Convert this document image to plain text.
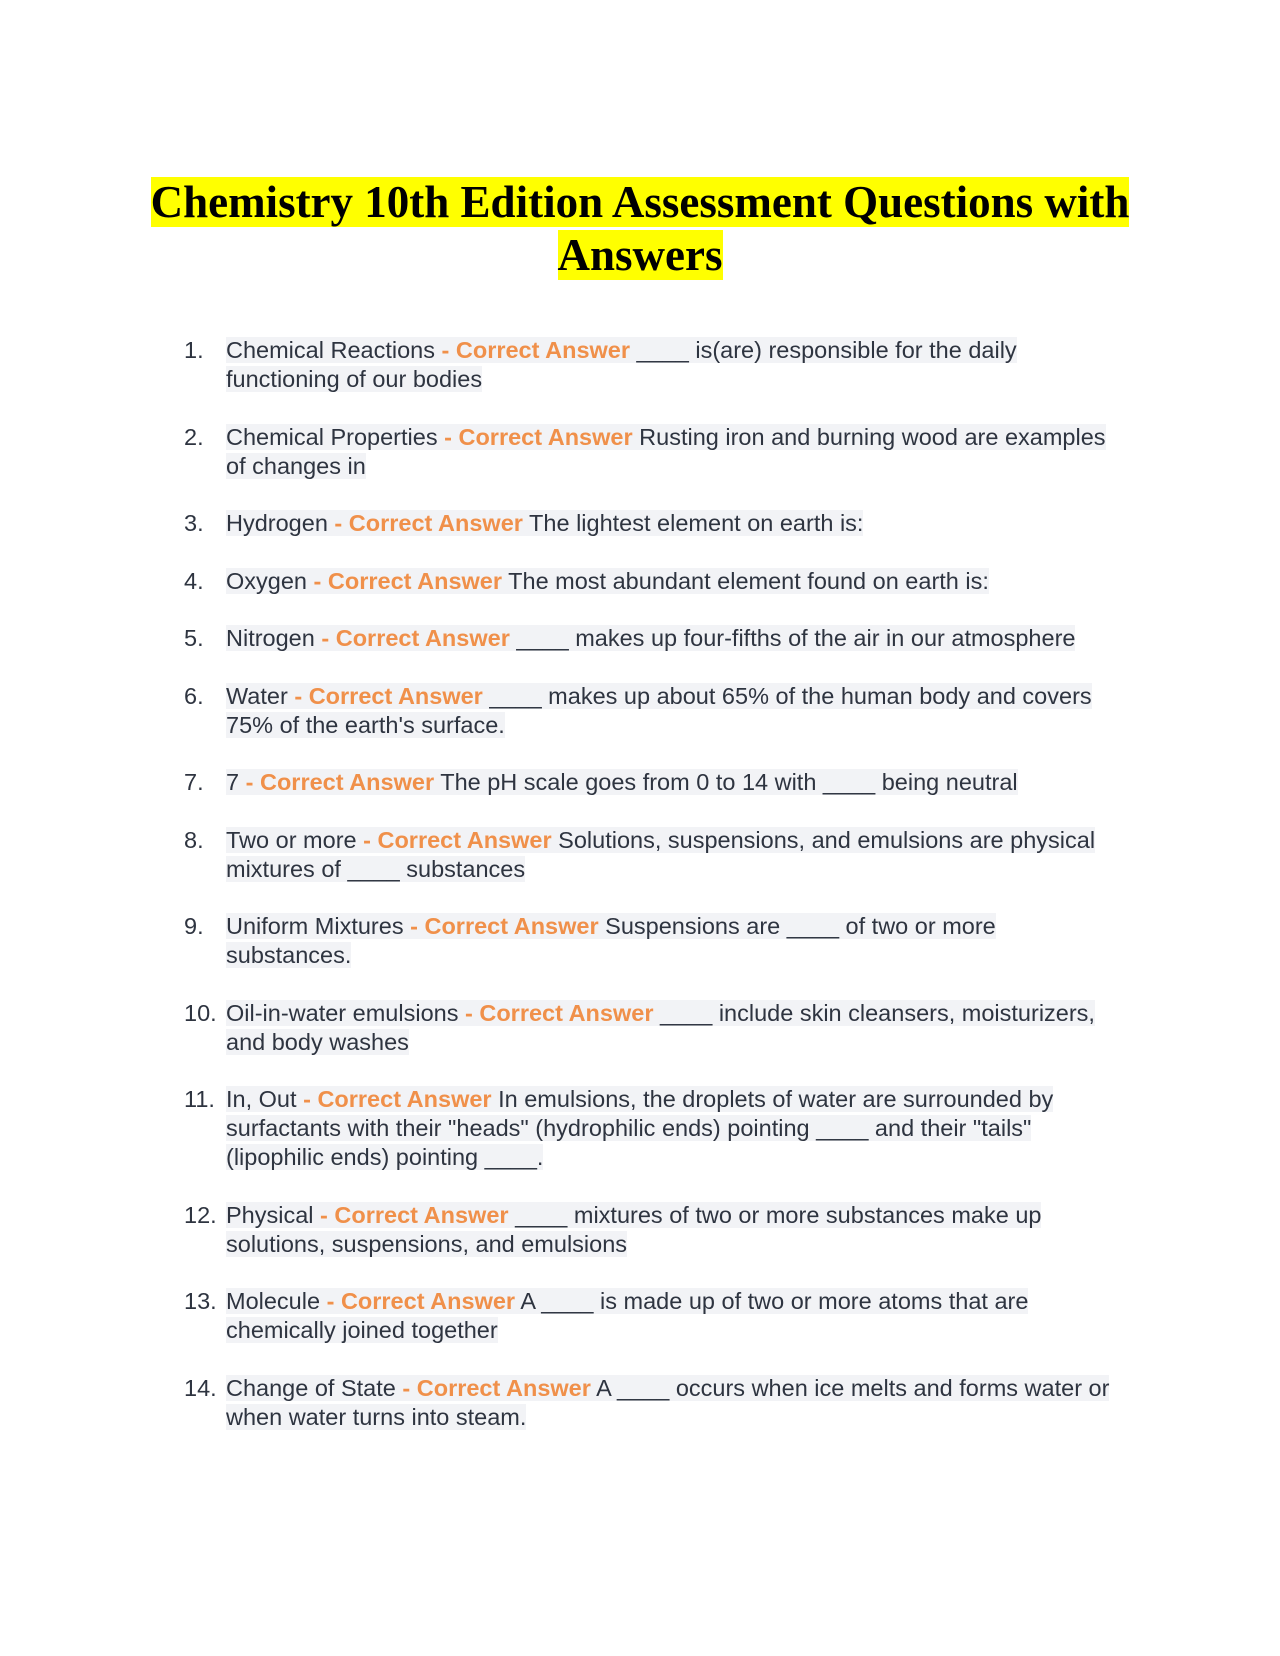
Chemistry 10th Edition Assessment Questions with Answers
1. Chemical Reactions - Correct Answer ____ is(are) responsible for the daily functioning of our bodies
2. Chemical Properties - Correct Answer Rusting iron and burning wood are examples of changes in
3. Hydrogen - Correct Answer The lightest element on earth is:
4. Oxygen - Correct Answer The most abundant element found on earth is:
5. Nitrogen - Correct Answer ____ makes up four-fifths of the air in our atmosphere
6. Water - Correct Answer ____ makes up about 65% of the human body and covers 75% of the earth's surface.
7. 7 - Correct Answer The pH scale goes from 0 to 14 with ____ being neutral
8. Two or more - Correct Answer Solutions, suspensions, and emulsions are physical mixtures of ____ substances
9. Uniform Mixtures - Correct Answer Suspensions are ____ of two or more substances.
10. Oil-in-water emulsions - Correct Answer ____ include skin cleansers, moisturizers, and body washes
11. In, Out - Correct Answer In emulsions, the droplets of water are surrounded by surfactants with their "heads" (hydrophilic ends) pointing ____ and their "tails" (lipophilic ends) pointing ____.
12. Physical - Correct Answer ____ mixtures of two or more substances make up solutions, suspensions, and emulsions
13. Molecule - Correct Answer A ____ is made up of two or more atoms that are chemically joined together
14. Change of State - Correct Answer A ____ occurs when ice melts and forms water or when water turns into steam.
